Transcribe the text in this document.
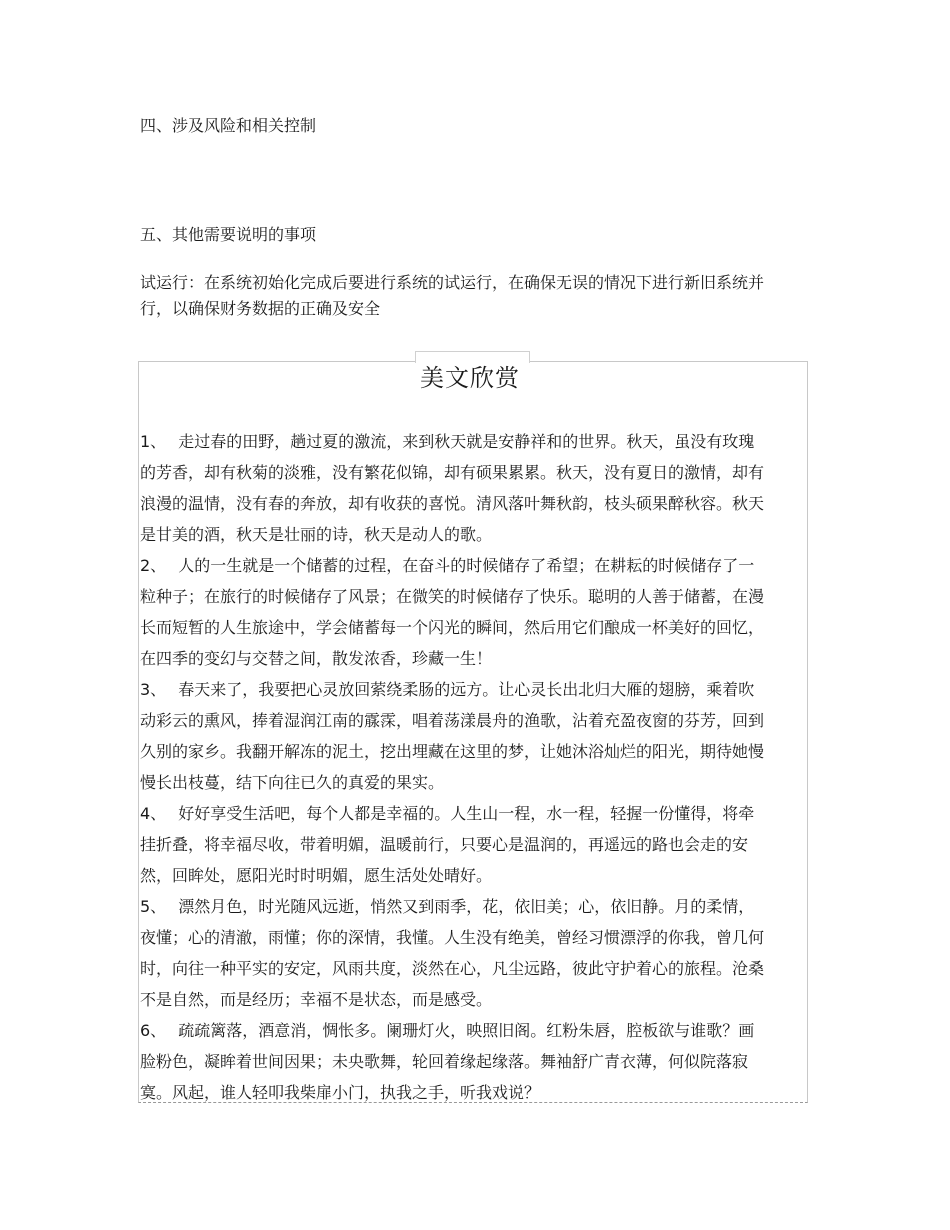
四、涉及风险和相关控制
五、其他需要说明的事项
试运行：在系统初始化完成后要进行系统的试运行，在确保无误的情况下进行新旧系统并行，以确保财务数据的正确及安全
美文欣赏

1、 走过春的田野，趟过夏的激流，来到秋天就是安静祥和的世界。秋天，虽没有玫瑰的芳香，却有秋菊的淡雅，没有繁花似锦，却有硕果累累。秋天，没有夏日的激情，却有浪漫的温情，没有春的奔放，却有收获的喜悦。清风落叶舞秋韵，枝头硕果醉秋容。秋天是甘美的酒，秋天是壮丽的诗，秋天是动人的歌。

2、 人的一生就是一个储蓄的过程，在奋斗的时候储存了希望；在耕耘的时候储存了一粒种子；在旅行的时候储存了风景；在微笑的时候储存了快乐。聪明的人善于储蓄，在漫长而短暂的人生旅途中，学会储蓄每一个闪光的瞬间，然后用它们酿成一杯美好的回忆，在四季的变幻与交替之间，散发浓香，珍藏一生！

3、 春天来了，我要把心灵放回萦绕柔肠的远方。让心灵长出北归大雁的翅膀，乘着吹动彩云的熏风，捧着湿润江南的霡霂，唱着荡漾晨舟的渔歌，沾着充盈夜窗的芬芳，回到久别的家乡。我翻开解冻的泥土，挖出埋藏在这里的梦，让她沐浴灿烂的阳光，期待她慢慢长出枝蔓，结下向往已久的真爱的果实。

4、 好好享受生活吧，每个人都是幸福的。人生山一程，水一程，轻握一份懂得，将牵挂折叠，将幸福尽收，带着明媚，温暖前行，只要心是温润的，再遥远的路也会走的安然，回眸处，愿阳光时时明媚，愿生活处处晴好。

5、 漂然月色，时光随风远逝，悄然又到雨季，花，依旧美；心，依旧静。月的柔情，夜懂；心的清澈，雨懂；你的深情，我懂。人生没有绝美，曾经习惯漂浮的你我，曾几何时，向往一种平实的安定，风雨共度，淡然在心，凡尘远路，彼此守护着心的旅程。沧桑不是自然，而是经历；幸福不是状态，而是感受。

6、 疏疏篱落，酒意消，惆怅多。阑珊灯火，映照旧阁。红粉朱唇，腔板欲与谁歌？画脸粉色，凝眸着世间因果；未央歌舞，轮回着缘起缘落。舞袖舒广青衣薄，何似院落寂寞。风起，谁人轻叩我柴扉小门，执我之手，听我戏说？
